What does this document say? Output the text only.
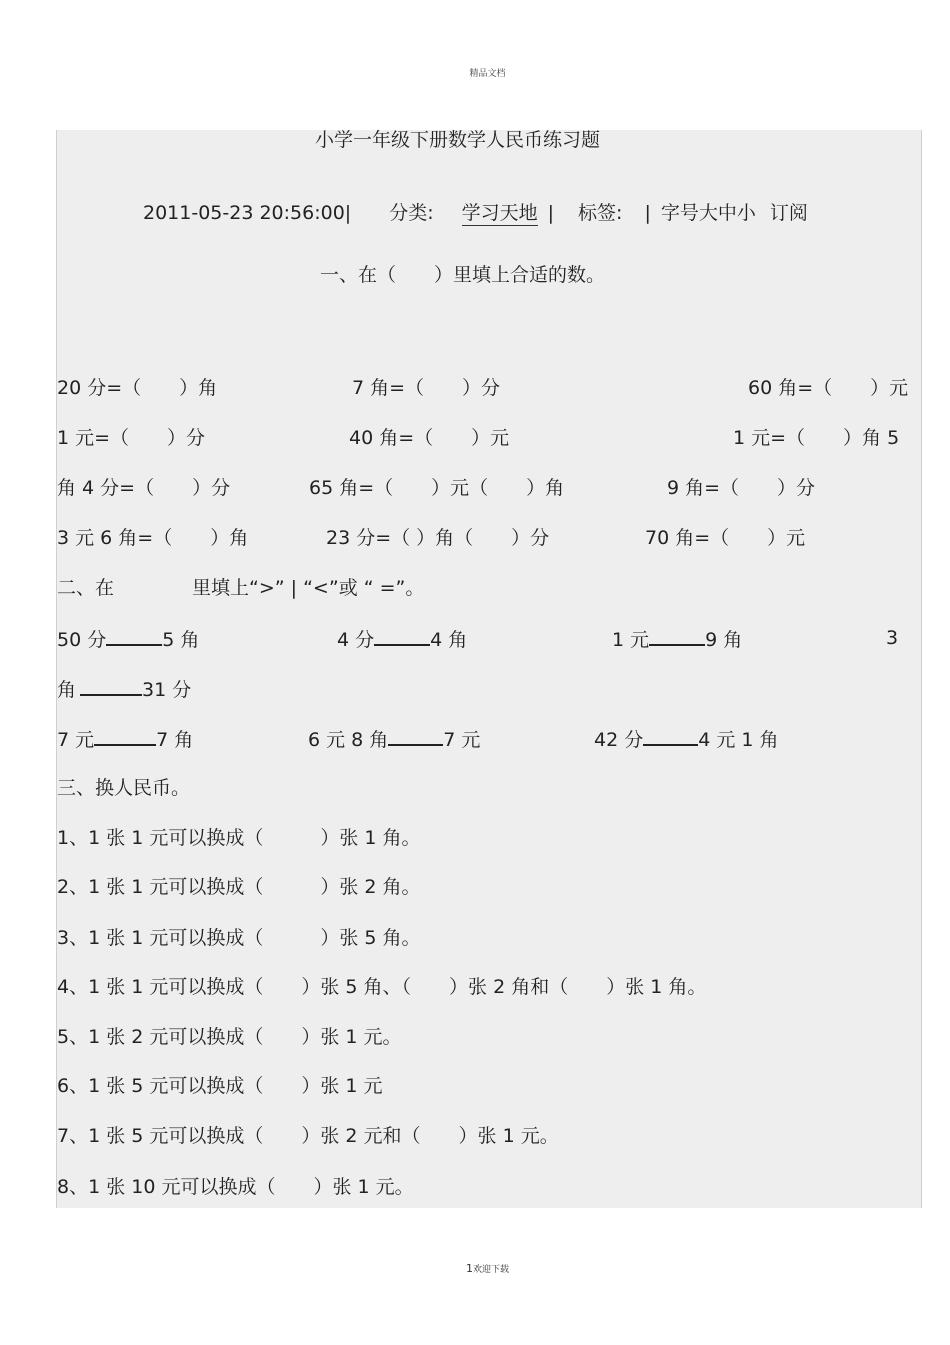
精品文档
小学一年级下册数学人民币练习题
2011-05-23 20:56:00| 分类: 学习天地 | 标签: | 字号大中小 订阅
一、在（　　）里填上合适的数。
20 分=（　　）角	7 角=（　　）分	60 角=（　　）元
1 元=（　　）分	40 角=（　　）元	1 元=（　　）角 5
角 4 分=（　　）分	65 角=（　　）元（　　）角	9 角=（　　）分
3 元 6 角=（　　）角	23 分=（ ）角（　　）分	70 角=（　　）元
二、在	里填上“>” | “<”或 “ =”。
50 分	5 角	4 分	4 角	1 元	9 角	3
角	31 分
7 元	7 角	6 元 8 角	7 元	42 分	4 元 1 角
三、换人民币。
1、1 张 1 元可以换成（　　　）张 1 角。
2、1 张 1 元可以换成（　　　）张 2 角。
3、1 张 1 元可以换成（　　　）张 5 角。
4、1 张 1 元可以换成（　　）张 5 角、（　　）张 2 角和（　　）张 1 角。
5、1 张 2 元可以换成（　　）张 1 元。
6、1 张 5 元可以换成（　　）张 1 元
7、1 张 5 元可以换成（　　）张 2 元和（　　）张 1 元。
8、1 张 10 元可以换成（　　）张 1 元。
1欢迎下载
